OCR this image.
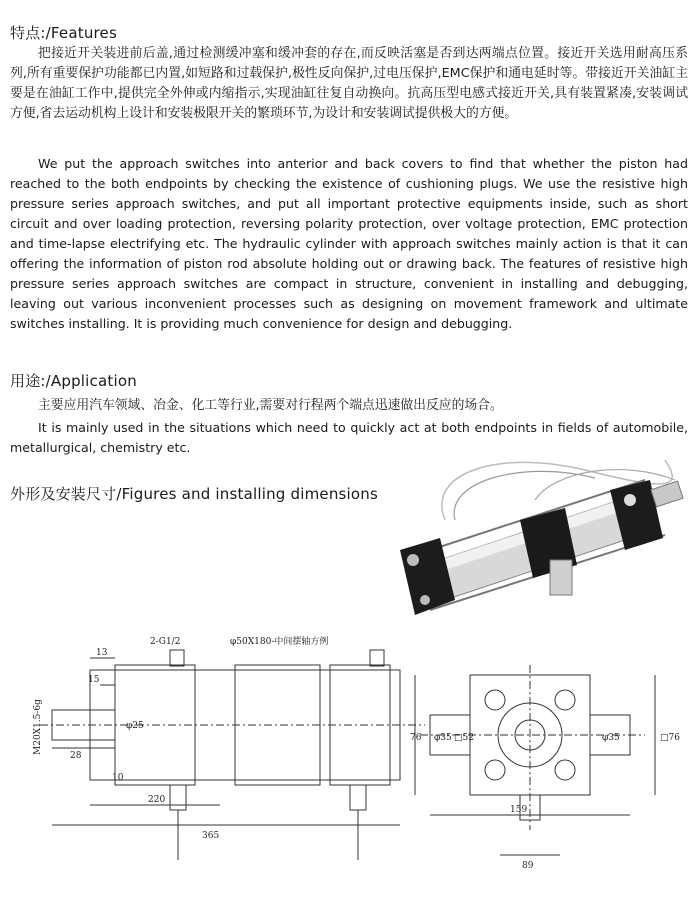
特点:/Features

把接近开关装进前后盖,通过检测缓冲塞和缓冲套的存在,而反映活塞是否到达两端点位置。接近开关选用耐高压系列,所有重要保护功能都已内置,如短路和过载保护,极性反向保护,过电压保护,EMC保护和通电延时等。带接近开关油缸主要是在油缸工作中,提供完全外伸或内缩指示,实现油缸往复自动换向。抗高压型电感式接近开关,具有装置紧凑,安装调试方便,省去运动机构上设计和安装极限开关的繁琐环节,为设计和安装调试提供极大的方便。

We put the approach switches into anterior and back covers to find that whether the piston had reached to the both endpoints by checking the existence of cushioning plugs. We use the resistive high pressure series approach switches, and put all important protective equipments inside, such as short circuit and over loading protection, reversing polarity protection, over voltage protection, EMC protection and time-lapse electrifying etc. The hydraulic cylinder with approach switches mainly action is that it can offering the information of piston rod absolute holding out or drawing back. The features of resistive high pressure series approach switches are compact in structure, convenient in installing and debugging, leaving out various inconvenient processes such as designing on movement framework and ultimate switches installing. It is providing much convenience for design and debugging.

用途:/Application

主要应用汽车领域、冶金、化工等行业,需要对行程两个端点迅速做出反应的场合。

It is mainly used in the situations which need to quickly act at both endpoints in fields of automobile, metallurgical, chemistry etc.

外形及安装尺寸/Figures and installing dimensions
2-G1/2	φ50X180-中间摆轴方例
M20X1.5-6g
13
15
φ25
28
10
220
365
76 φ35 □52	φ35	□76
159
89
